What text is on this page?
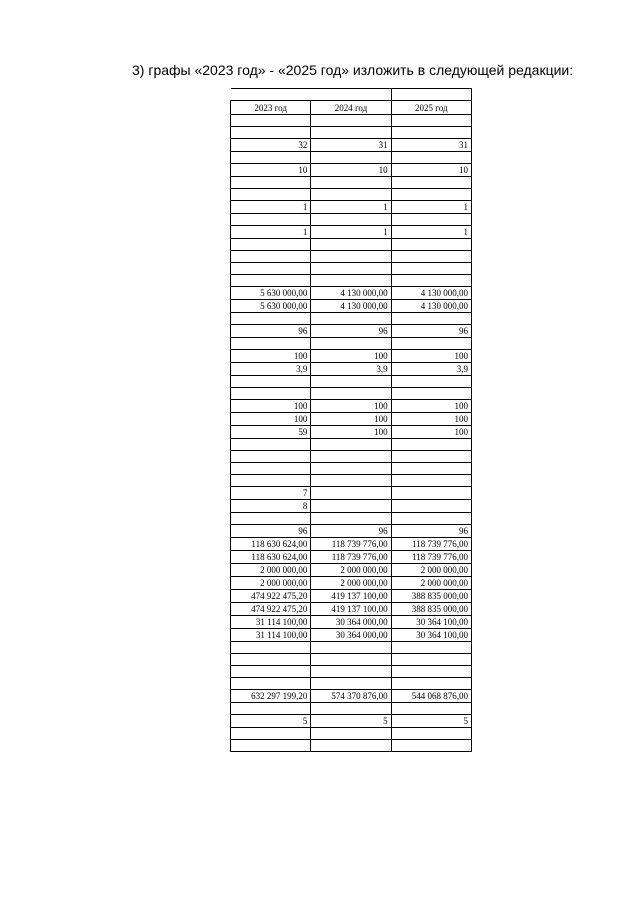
3) графы «2023 год» - «2025 год» изложить в следующей редакции:

2023 год	2024 год	2025 год

32	31	31

10	10	10

1	1	1

1	1	1

5 630 000,00	4 130 000,00	4 130 000,00
5 630 000,00	4 130 000,00	4 130 000,00

96	96	96

100	100	100
3,9	3,9	3,9

100	100	100
100	100	100
59	100	100

7		
8		

96	96	96
118 630 624,00	118 739 776,00	118 739 776,00
118 630 624,00	118 739 776,00	118 739 776,00
2 000 000,00	2 000 000,00	2 000 000,00
2 000 000,00	2 000 000,00	2 000 000,00
474 922 475,20	419 137 100,00	388 835 000,00
474 922 475,20	419 137 100,00	388 835 000,00
31 114 100,00	30 364 000,00	30 364 100,00
31 114 100,00	30 364 000,00	30 364 100,00

632 297 199,20	574 370 876,00	544 068 876,00

5	5	5
